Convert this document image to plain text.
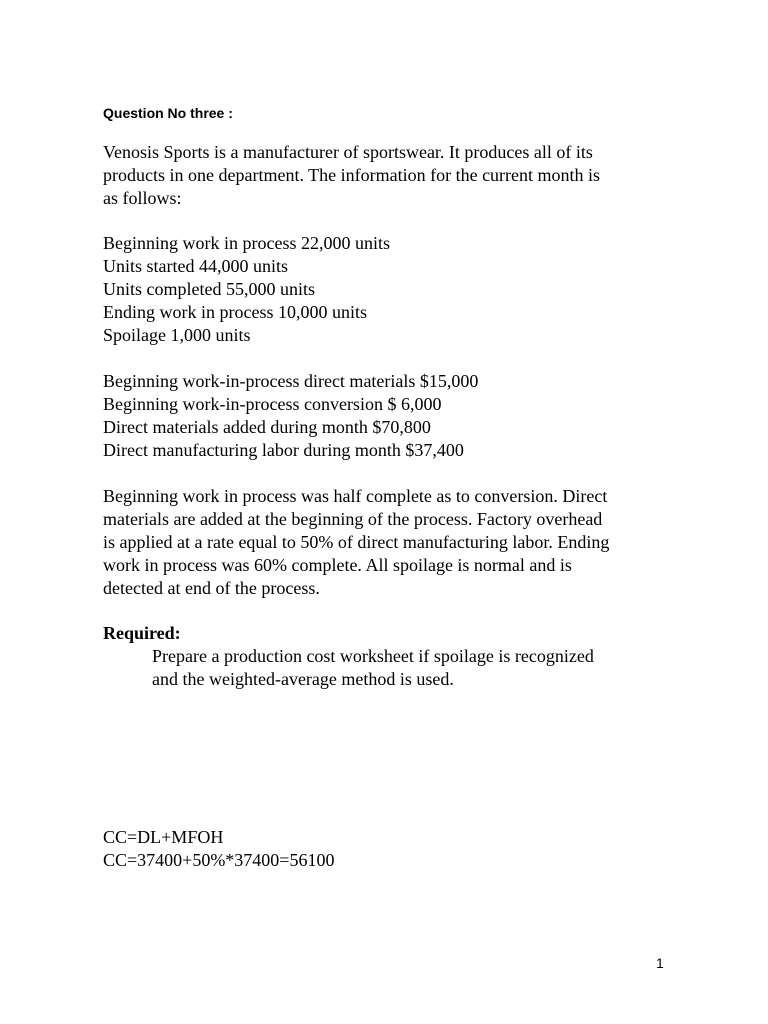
Question No three :
Venosis Sports is a manufacturer of sportswear. It produces all of its
products in one department. The information for the current month is
as follows:
Beginning work in process 22,000 units
Units started 44,000 units
Units completed 55,000 units
Ending work in process 10,000 units
Spoilage 1,000 units
Beginning work-in-process direct materials $15,000
Beginning work-in-process conversion $ 6,000
Direct materials added during month $70,800
Direct manufacturing labor during month $37,400
Beginning work in process was half complete as to conversion. Direct
materials are added at the beginning of the process. Factory overhead
is applied at a rate equal to 50% of direct manufacturing labor. Ending
work in process was 60% complete. All spoilage is normal and is
detected at end of the process.
Required:
Prepare a production cost worksheet if spoilage is recognized
and the weighted-average method is used.
CC=DL+MFOH
CC=37400+50%*37400=56100
1
